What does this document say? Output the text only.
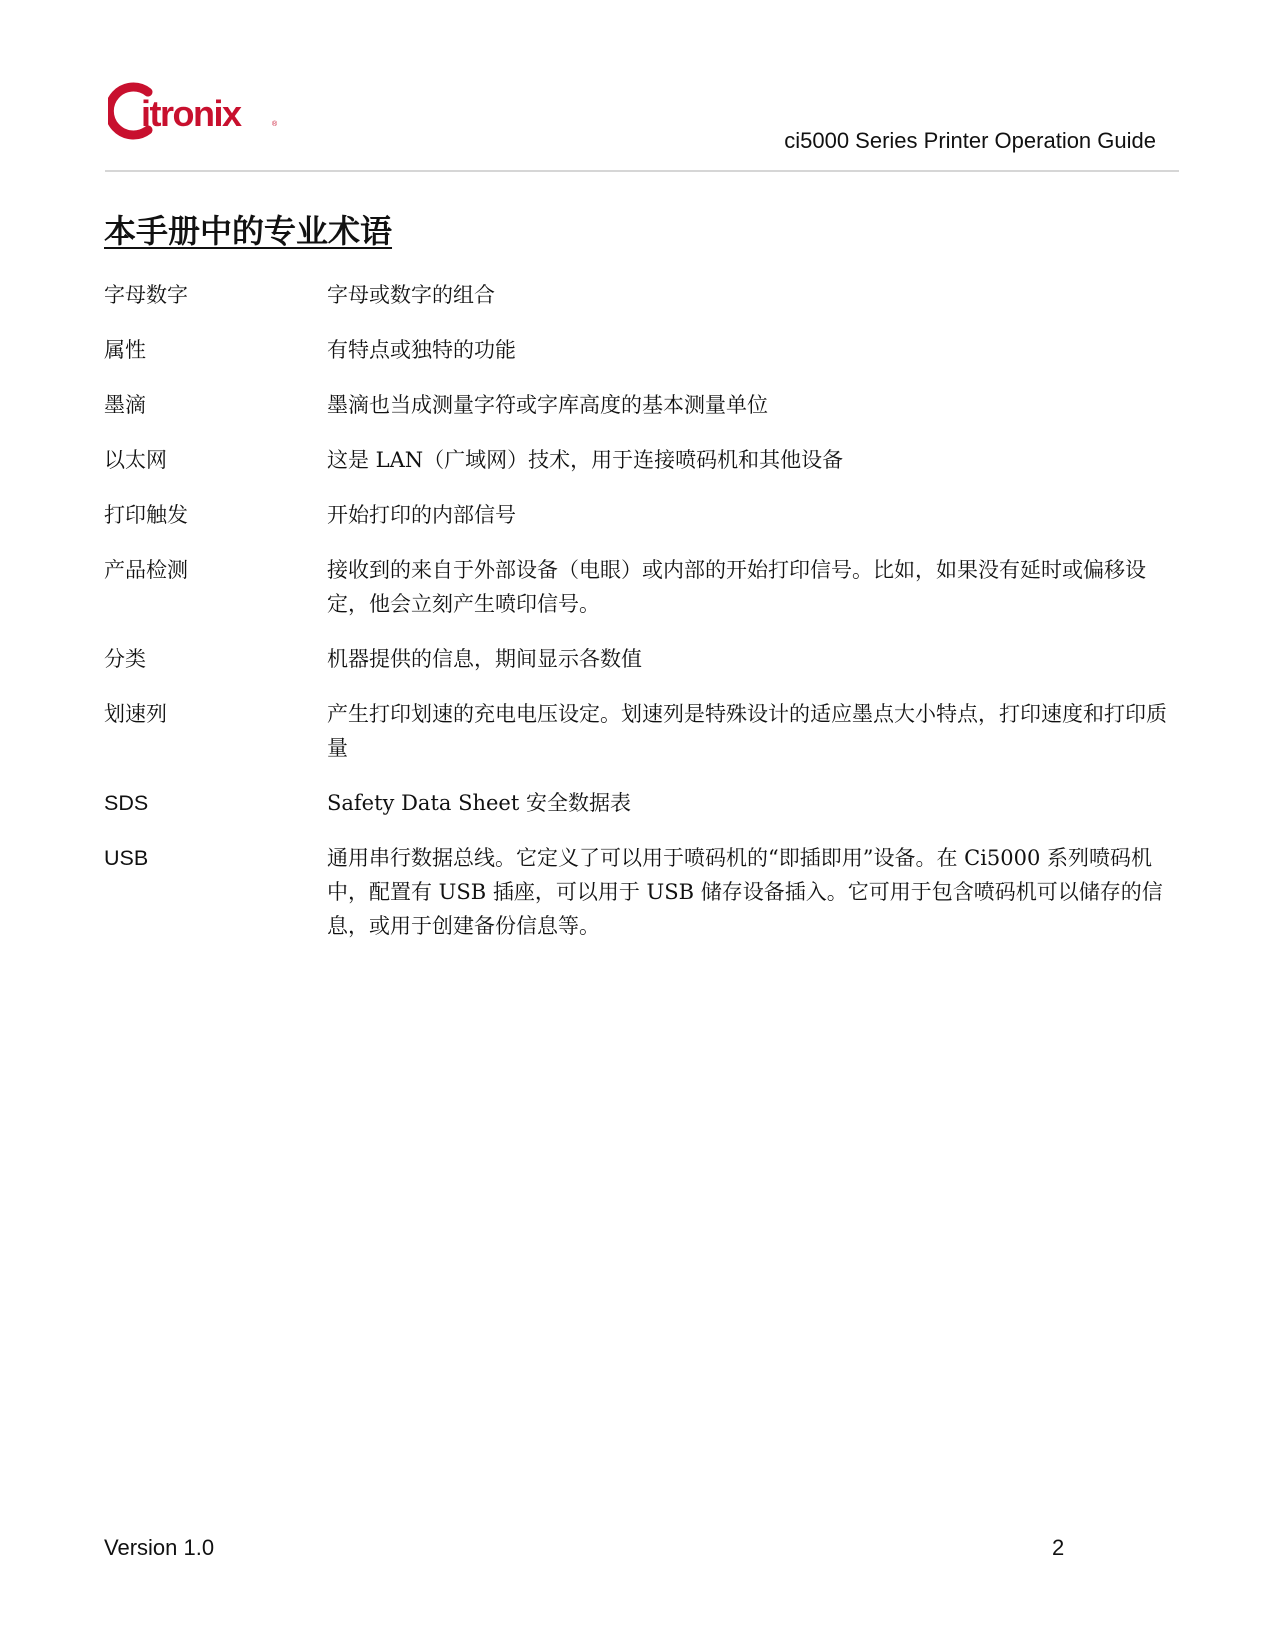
itronix	®
ci5000 Series Printer Operation Guide
本手册中的专业术语
字母数字	字母或数字的组合
属性	有特点或独特的功能
墨滴	墨滴也当成测量字符或字库高度的基本测量单位
以太网	这是 LAN（广域网）技术，用于连接喷码机和其他设备
打印触发	开始打印的内部信号
产品检测	接收到的来自于外部设备（电眼）或内部的开始打印信号。比如，如果没有延时或偏移设定，他会立刻产生喷印信号。
分类	机器提供的信息，期间显示各数值
划速列	产生打印划速的充电电压设定。划速列是特殊设计的适应墨点大小特点，打印速度和打印质量
SDS	Safety Data Sheet 安全数据表
USB	通用串行数据总线。它定义了可以用于喷码机的“即插即用”设备。在 Ci5000 系列喷码机中，配置有 USB 插座，可以用于 USB 储存设备插入。它可用于包含喷码机可以储存的信息，或用于创建备份信息等。
Version 1.0	2
